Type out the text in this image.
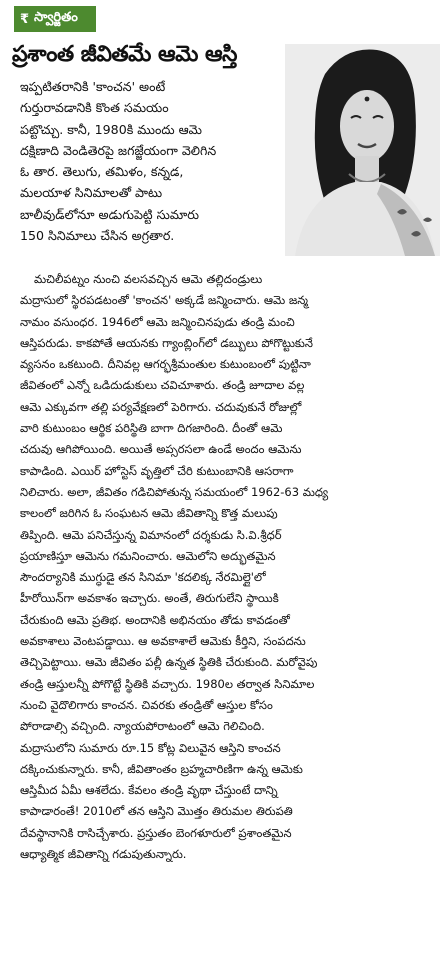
₹ స్వార్జితం
ప్రశాంత జీవితమే ఆమె ఆస్తి
ఇప్పటితరానికి 'కాంచన' అంటే
గుర్తురావడానికి కొంత సమయం
పట్టొచ్చు. కానీ, 1980కి ముందు ఆమె
దక్షిణాది వెండితెరపై జగజ్జేయంగా వెలిగిన
ఓ తార. తెలుగు, తమిళం, కన్నడ,
మలయాళ సినిమాలతో పాటు
బాలీవుడ్‌లోనూ అడుగుపెట్టి సుమారు
150 సినిమాలు చేసిన అగ్రతార.
మచిలీపట్నం నుంచి వలసవచ్చిన ఆమె తల్లిదండ్రులు
మద్రాసులో స్థిరపడటంతో 'కాంచన' అక్కడే జన్మించారు. ఆమె జన్మ
నామం వసుంధర. 1946లో ఆమె జన్మించినపుడు తండ్రి మంచి
ఆస్తిపరుడు. కాకపోతే ఆయనకు గ్యాంబ్లింగ్‌లో డబ్బులు పోగొట్టుకునే
వ్యసనం ఒకటుంది. దీనివల్ల ఆగర్భశ్రీమంతుల కుటుంబంలో పుట్టినా
జీవితంలో ఎన్నో ఒడిదుడుకులు చవిచూశారు. తండ్రి జూదాల వల్ల
ఆమె ఎక్కువగా తల్లి పర్యవేక్షణలో పెరిగారు. చదువుకునే రోజుల్లో
వారి కుటుంబం ఆర్థిక పరిస్థితి బాగా దిగజారింది. దీంతో ఆమె
చదువు ఆగిపోయింది. అయితే అప్సరసలా ఉండే అందం ఆమెను
కాపాడింది. ఎయిర్ హోస్టెస్ వృత్తిలో చేరి కుటుంబానికి ఆసరాగా
నిలిచారు. అలా, జీవితం గడిచిపోతున్న సమయంలో 1962-63 మధ్య
కాలంలో జరిగిన ఓ సంఘటన ఆమె జీవితాన్ని కొత్త మలుపు
తిప్పింది. ఆమె పనిచేస్తున్న విమానంలో దర్శకుడు సి.వి.శ్రీధర్
ప్రయాణిస్తూ ఆమెను గమనించారు. ఆమెలోని అద్భుతమైన
సౌందర్యానికి ముగ్ధుడై తన సినిమా 'కదలిక్క నేరమిల్లై'లో
హీరోయిన్‌గా అవకాశం ఇచ్చారు. అంతే, తిరుగులేని స్థాయికి
చేరుకుంది ఆమె ప్రతిభ. అందానికి అభినయం తోడు కావడంతో
అవకాశాలు వెంటపడ్డాయి. ఆ అవకాశాలే ఆమెకు కీర్తిని, సంపదను
తెచ్చిపెట్టాయి. ఆమె జీవితం పల్లీ ఉన్నత స్థితికి చేరుకుంది. మరోవైపు
తండ్రి ఆస్తులన్నీ పోగొట్టే స్థితికి వచ్చారు. 1980ల తర్వాత సినిమాల
నుంచి వైదొలిగారు కాంచన. చివరకు తండ్రితో ఆస్తుల కోసం
పోరాడాల్సి వచ్చింది. న్యాయపోరాటంలో ఆమె గెలిచింది.
మద్రాసులోని సుమారు రూ.15 కోట్ల విలువైన ఆస్తిని కాంచన
దక్కించుకున్నారు. కానీ, జీవితాంతం బ్రహ్మచారిణిగా ఉన్న ఆమెకు
ఆస్తిమీద ఏమీ ఆశలేదు. కేవలం తండ్రి వృథా చేస్తుంటే దాన్ని
కాపాడారంతే! 2010లో తన ఆస్తిని మొత్తం తిరుమల తిరుపతి
దేవస్థానానికి రాసిచ్చేశారు. ప్రస్తుతం బెంగళూరులో ప్రశాంతమైన
ఆధ్యాత్మిక జీవితాన్ని గడుపుతున్నారు.
